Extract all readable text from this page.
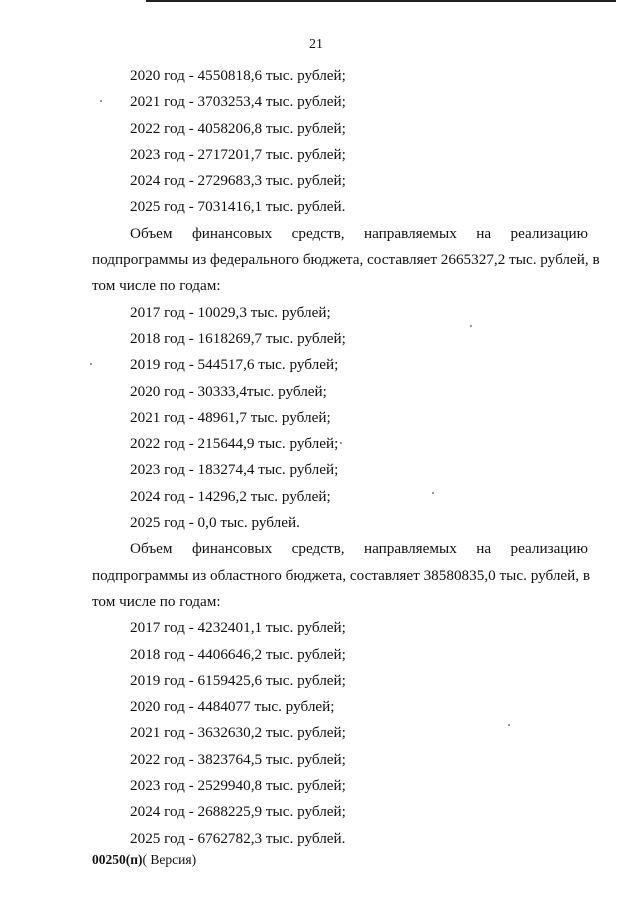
21
2020 год - 4550818,6 тыс. рублей;
2021 год - 3703253,4 тыс. рублей;
2022 год - 4058206,8 тыс. рублей;
2023 год - 2717201,7 тыс. рублей;
2024 год - 2729683,3 тыс. рублей;
2025 год - 7031416,1 тыс. рублей.
Объем финансовых средств, направляемых на реализацию
подпрограммы из федерального бюджета, составляет 2665327,2 тыс. рублей, в
том числе по годам:
2017 год - 10029,3 тыс. рублей;
2018 год - 1618269,7 тыс. рублей;
2019 год - 544517,6 тыс. рублей;
2020 год - 30333,4тыс. рублей;
2021 год - 48961,7 тыс. рублей;
2022 год - 215644,9 тыс. рублей;
2023 год - 183274,4 тыс. рублей;
2024 год - 14296,2 тыс. рублей;
2025 год - 0,0 тыс. рублей.
Объем финансовых средств, направляемых на реализацию
подпрограммы из областного бюджета, составляет 38580835,0 тыс. рублей, в
том числе по годам:
2017 год - 4232401,1 тыс. рублей;
2018 год - 4406646,2 тыс. рублей;
2019 год - 6159425,6 тыс. рублей;
2020 год - 4484077 тыс. рублей;
2021 год - 3632630,2 тыс. рублей;
2022 год - 3823764,5 тыс. рублей;
2023 год - 2529940,8 тыс. рублей;
2024 год - 2688225,9 тыс. рублей;
2025 год - 6762782,3 тыс. рублей.
00250(п)( Версия)
